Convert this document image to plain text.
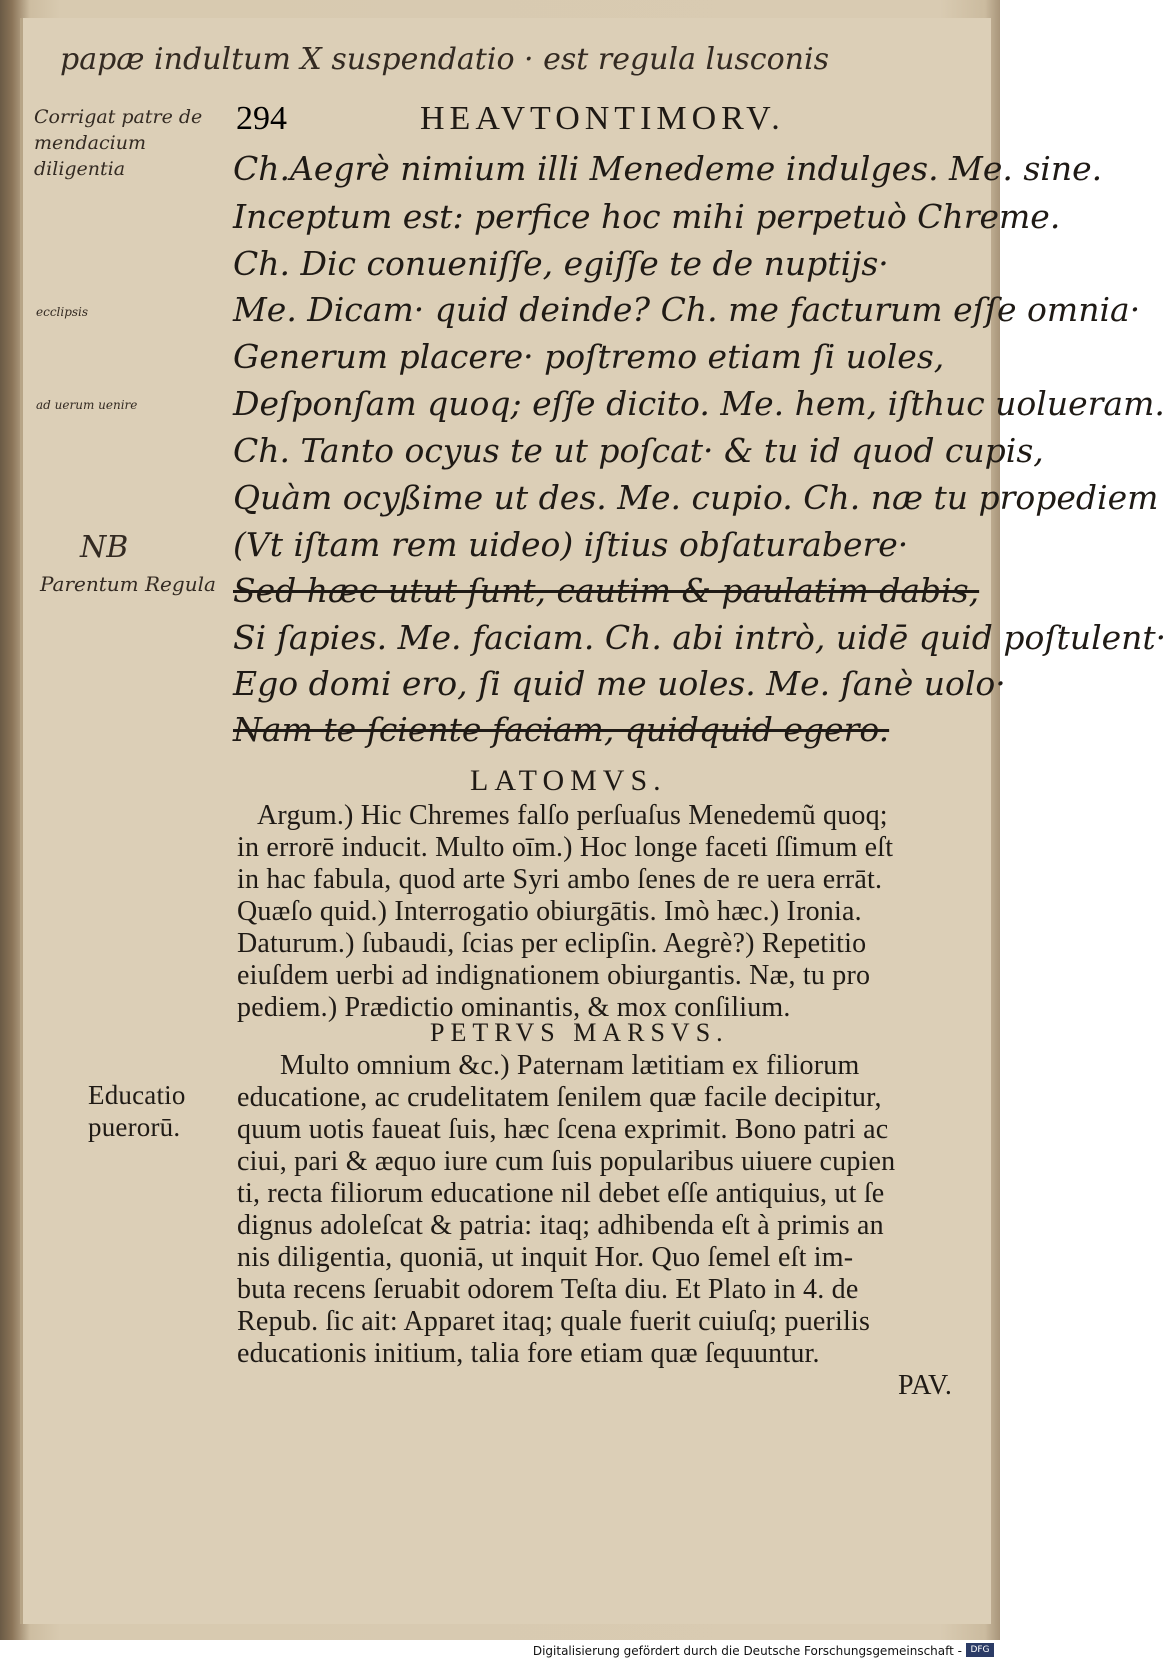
papæ indultum X suspendatio · est regula lusconis
294	HEAVTONTIMORV.
Corrigat patre de mendacium diligentia
ecclipsis
ad uerum uenire
NB
Parentum Regula
Ch.Aegrè nimium illi Menedeme indulges. Me. sine.
Inceptum est: perfice hoc mihi perpetuò Chreme.
Ch. Dic conueniſſe, egiſſe te de nuptijs·
Me. Dicam· quid deinde? Ch. me facturum eſſe omnia·
Generum placere· poſtremo etiam ſi uoles,
Deſponſam quoq; eſſe dicito. Me. hem, iſthuc uolueram.
Ch. Tanto ocyus te ut poſcat· & tu id quod cupis,
Quàm ocyßime ut des. Me. cupio. Ch. næ tu propediem
(Vt iſtam rem uideo) iſtius obſaturabere·
Sed hæc utut ſunt, cautim & paulatim dabis,
Si ſapies. Me. faciam. Ch. abi intrò, uidē quid poſtulent·
Ego domi ero, ſi quid me uoles. Me. ſanè uolo·
Nam te ſciente faciam, quidquid egero.
LATOMVS.
Argum.) Hic Chremes falſo perſuaſus Menedemũ quoq;
in errorē inducit. Multo oīm.) Hoc longe faceti ſſimum eſt
in hac fabula, quod arte Syri ambo ſenes de re uera errāt.
Quæſo quid.) Interrogatio obiurgātis. Imò hæc.) Ironia.
Daturum.) ſubaudi, ſcias per eclipſin. Aegrè?) Repetitio
eiuſdem uerbi ad indignationem obiurgantis. Næ, tu pro
pediem.) Prædictio ominantis, & mox conſilium.
PETRVS MARSVS.
Educatio
puerorū.
Multo omnium &c.) Paternam lætitiam ex filiorum
educatione, ac crudelitatem ſenilem quæ facile decipitur,
quum uotis faueat ſuis, hæc ſcena exprimit. Bono patri ac
ciui, pari & æquo iure cum ſuis popularibus uiuere cupien
ti, recta filiorum educatione nil debet eſſe antiquius, ut ſe
dignus adoleſcat & patria: itaq; adhibenda eſt à primis an
nis diligentia, quoniā, ut inquit Hor. Quo ſemel eſt im-
buta recens ſeruabit odorem Teſta diu. Et Plato in 4. de
Repub. ſic ait: Apparet itaq; quale fuerit cuiuſq; puerilis
educationis initium, talia fore etiam quæ ſequuntur.
PAV.
Digitalisierung gefördert durch die Deutsche Forschungsgemeinschaft - DFG
